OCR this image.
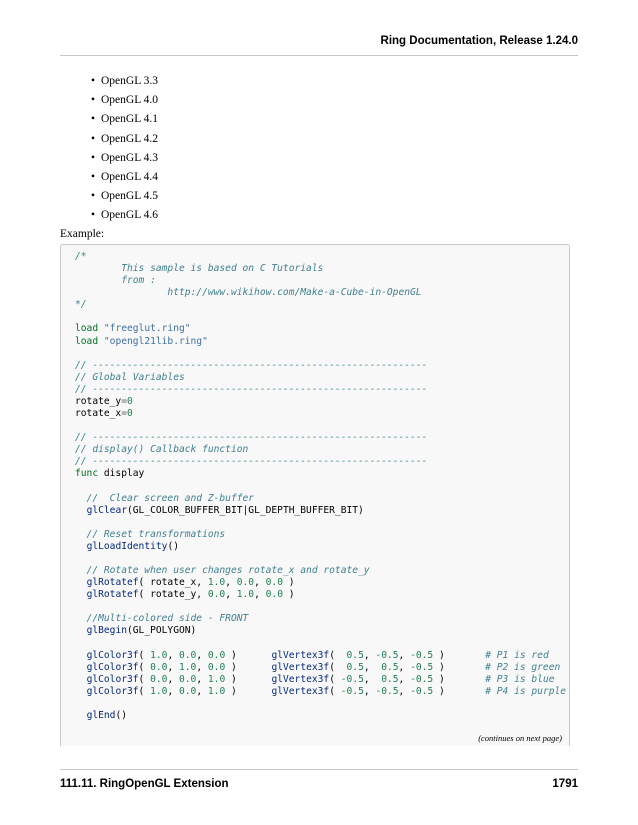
Ring Documentation, Release 1.24.0
• OpenGL 3.3
• OpenGL 4.0
• OpenGL 4.1
• OpenGL 4.2
• OpenGL 4.3
• OpenGL 4.4
• OpenGL 4.5
• OpenGL 4.6
Example:
/*
This sample is based on C Tutorials
from :
http://www.wikihow.com/Make-a-Cube-in-OpenGL
*/

load "freeglut.ring"
load "opengl21lib.ring"

// ----------------------------------------------------------
// Global Variables
// ----------------------------------------------------------
rotate_y=0
rotate_x=0

// ----------------------------------------------------------
// display() Callback function
// ----------------------------------------------------------
func display

//  Clear screen and Z-buffer
glClear(GL_COLOR_BUFFER_BIT|GL_DEPTH_BUFFER_BIT)

// Reset transformations
glLoadIdentity()

// Rotate when user changes rotate_x and rotate_y
glRotatef( rotate_x, 1.0, 0.0, 0.0 )
glRotatef( rotate_y, 0.0, 1.0, 0.0 )

//Multi-colored side - FRONT
glBegin(GL_POLYGON)

glColor3f( 1.0, 0.0, 0.0 )      glVertex3f(  0.5, -0.5, -0.5 )       # P1 is red
glColor3f( 0.0, 1.0, 0.0 )      glVertex3f(  0.5,  0.5, -0.5 )       # P2 is green
glColor3f( 0.0, 0.0, 1.0 )      glVertex3f( -0.5,  0.5, -0.5 )       # P3 is blue
glColor3f( 1.0, 0.0, 1.0 )      glVertex3f( -0.5, -0.5, -0.5 )       # P4 is purple

glEnd()
(continues on next page)
111.11. RingOpenGL Extension	1791
